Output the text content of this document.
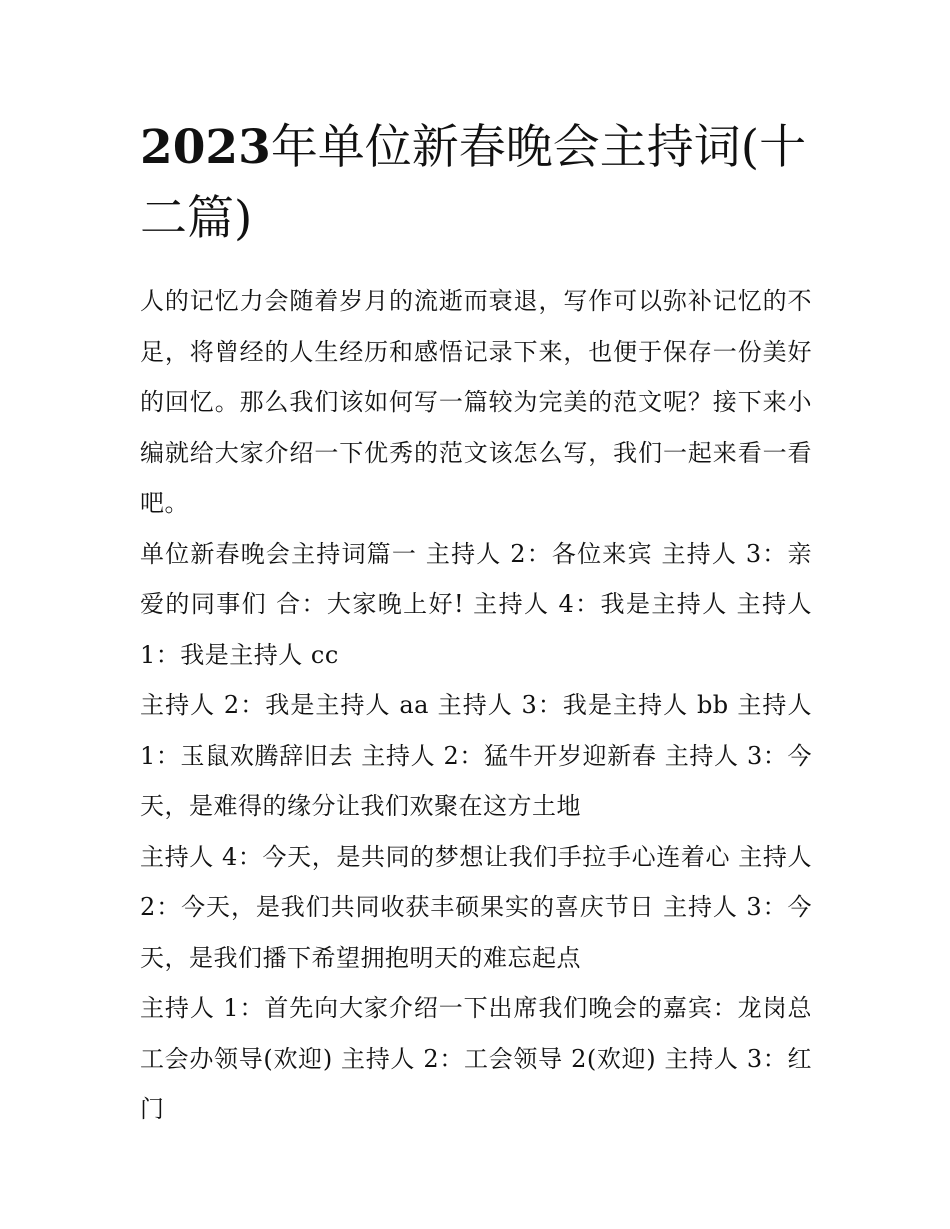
2023年单位新春晚会主持词(十二篇)

人的记忆力会随着岁月的流逝而衰退，写作可以弥补记忆的不足，将曾经的人生经历和感悟记录下来，也便于保存一份美好的回忆。那么我们该如何写一篇较为完美的范文呢？接下来小编就给大家介绍一下优秀的范文该怎么写，我们一起来看一看吧。

单位新春晚会主持词篇一 主持人 2：各位来宾 主持人 3：亲爱的同事们 合：大家晚上好! 主持人 4：我是主持人 主持人 1：我是主持人 cc

主持人 2：我是主持人 aa 主持人 3：我是主持人 bb 主持人 1：玉鼠欢腾辞旧去 主持人 2：猛牛开岁迎新春 主持人 3：今天，是难得的缘分让我们欢聚在这方土地

主持人 4：今天，是共同的梦想让我们手拉手心连着心 主持人 2：今天，是我们共同收获丰硕果实的喜庆节日 主持人 3：今天，是我们播下希望拥抱明天的难忘起点

主持人 1：首先向大家介绍一下出席我们晚会的嘉宾：龙岗总工会办领导(欢迎) 主持人 2：工会领导 2(欢迎) 主持人 3：红门
